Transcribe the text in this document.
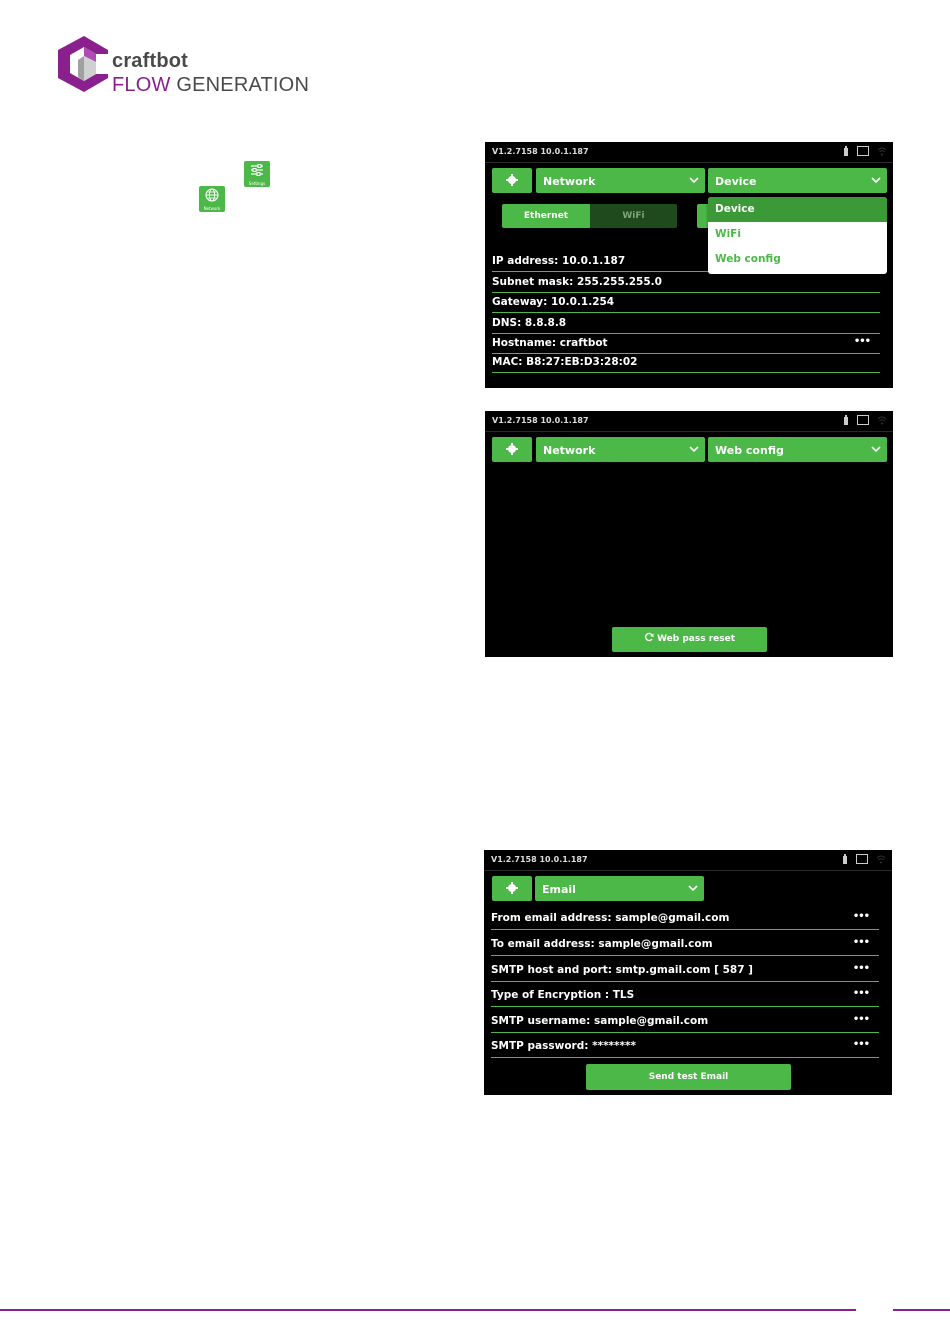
craftbot
FLOW GENERATION
Settings
Network
V1.2.7158 10.0.1.187
Network	Device
Ethernet	WiFi
IP address: 10.0.1.187
Subnet mask: 255.255.255.0
Gateway: 10.0.1.254
DNS: 8.8.8.8
Hostname: craftbot	•••
MAC: B8:27:EB:D3:28:02
Device
WiFi
Web config
V1.2.7158 10.0.1.187
Network	Web config
Web pass reset
V1.2.7158 10.0.1.187
Email
From email address: sample@gmail.com	•••
To email address: sample@gmail.com	•••
SMTP host and port: smtp.gmail.com [ 587 ]	•••
Type of Encryption : TLS	•••
SMTP username: sample@gmail.com	•••
SMTP password: ********	•••
Send test Email
